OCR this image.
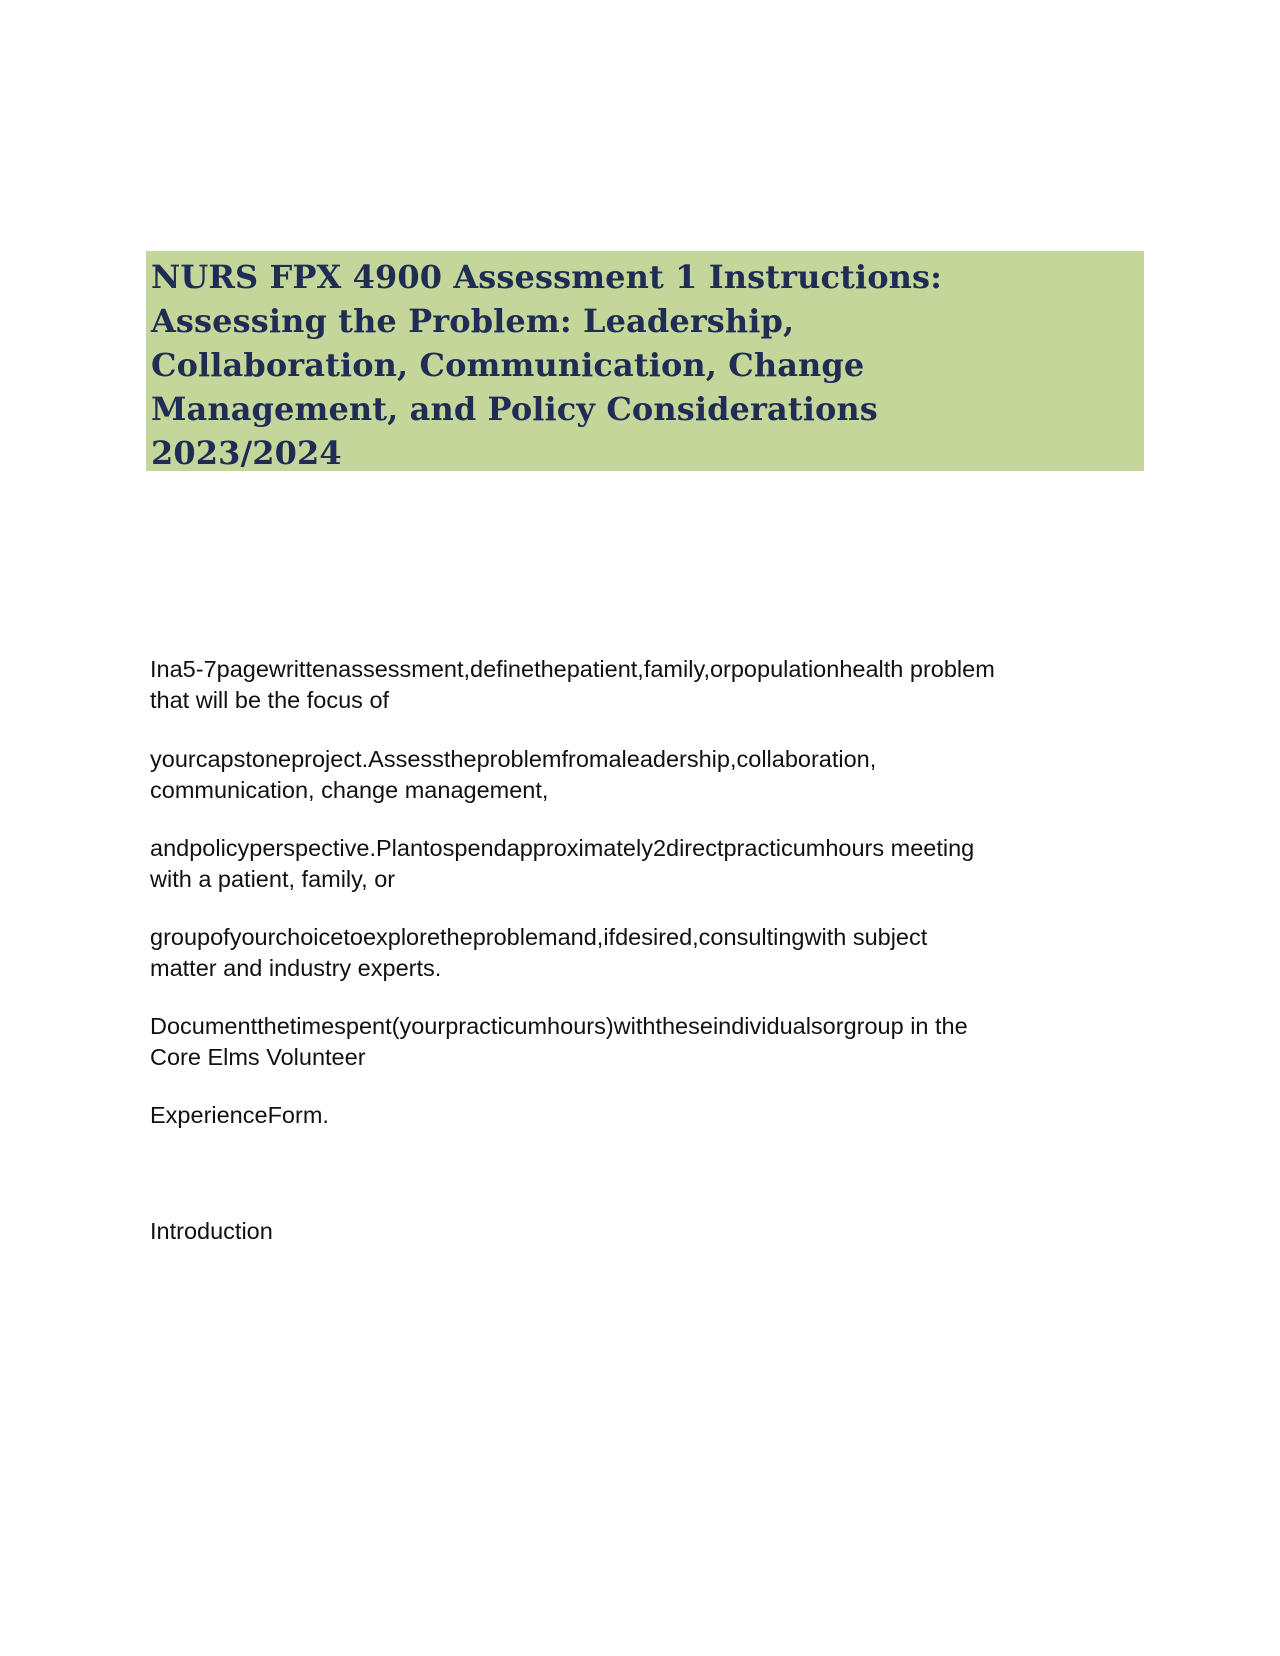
NURS FPX 4900 Assessment 1 Instructions:
Assessing the Problem: Leadership,
Collaboration, Communication, Change
Management, and Policy Considerations
2023/2024
Ina5-7pagewrittenassessment,definethepatient,family,orpopulationhealth problem
that will be the focus of
yourcapstoneproject.Assesstheproblemfromaleadership,collaboration,
communication, change management,
andpolicyperspective.Plantospendapproximately2directpracticumhours meeting
with a patient, family, or
groupofyourchoicetoexploretheproblemand,ifdesired,consultingwith subject
matter and industry experts.
Documentthetimespent(yourpracticumhours)withtheseindividualsorgroup in the
Core Elms Volunteer
ExperienceForm.
Introduction
